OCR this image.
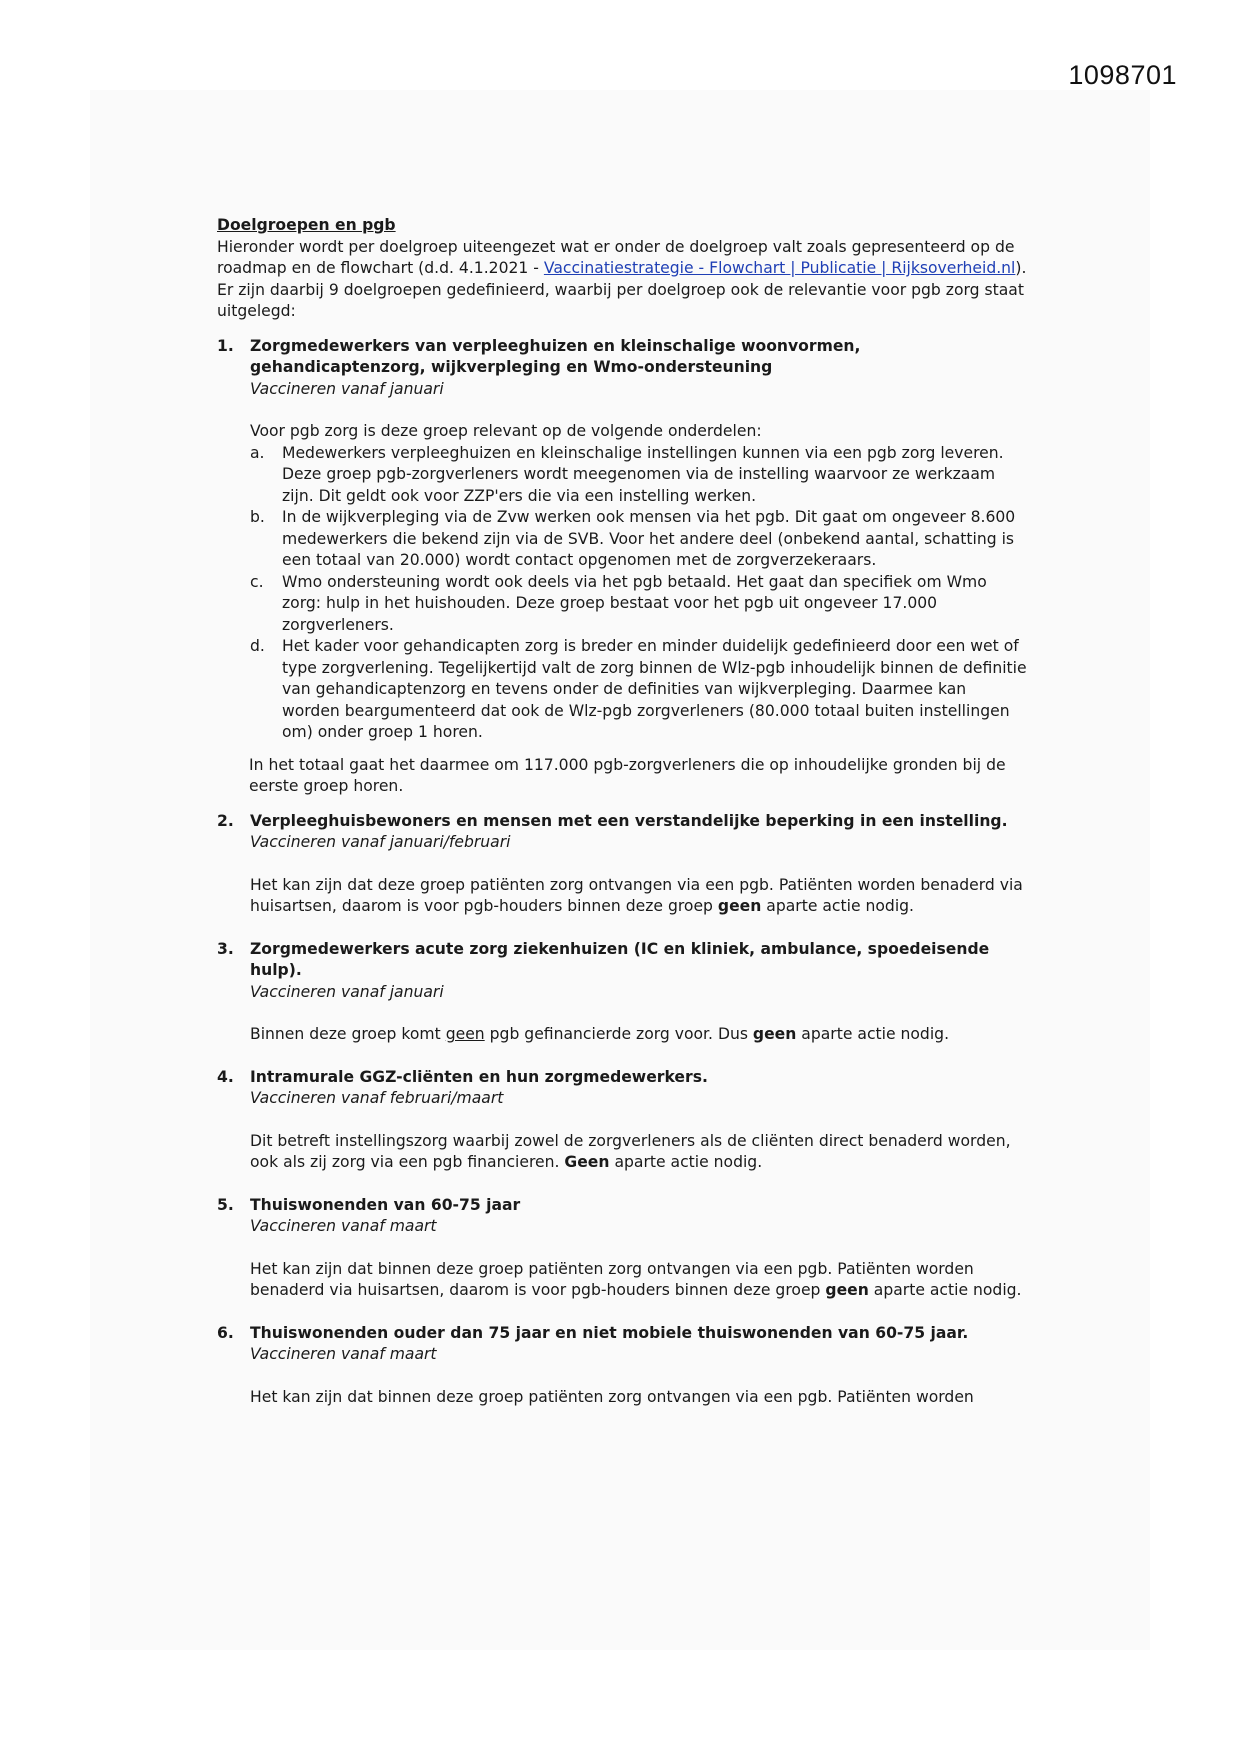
1098701

Doelgroepen en pgb

Hieronder wordt per doelgroep uiteengezet wat er onder de doelgroep valt zoals gepresenteerd op de roadmap en de flowchart (d.d. 4.1.2021 - Vaccinatiestrategie - Flowchart | Publicatie | Rijksoverheid.nl). Er zijn daarbij 9 doelgroepen gedefinieerd, waarbij per doelgroep ook de relevantie voor pgb zorg staat uitgelegd:

1. Zorgmedewerkers van verpleeghuizen en kleinschalige woonvormen, gehandicaptenzorg, wijkverpleging en Wmo-ondersteuning

Vaccineren vanaf januari

Voor pgb zorg is deze groep relevant op de volgende onderdelen:

a. Medewerkers verpleeghuizen en kleinschalige instellingen kunnen via een pgb zorg leveren. Deze groep pgb-zorgverleners wordt meegenomen via de instelling waarvoor ze werkzaam zijn. Dit geldt ook voor ZZP'ers die via een instelling werken.

b. In de wijkverpleging via de Zvw werken ook mensen via het pgb. Dit gaat om ongeveer 8.600 medewerkers die bekend zijn via de SVB. Voor het andere deel (onbekend aantal, schatting is een totaal van 20.000) wordt contact opgenomen met de zorgverzekeraars.

c. Wmo ondersteuning wordt ook deels via het pgb betaald. Het gaat dan specifiek om Wmo zorg: hulp in het huishouden. Deze groep bestaat voor het pgb uit ongeveer 17.000 zorgverleners.

d. Het kader voor gehandicapten zorg is breder en minder duidelijk gedefinieerd door een wet of type zorgverlening. Tegelijkertijd valt de zorg binnen de Wlz-pgb inhoudelijk binnen de definitie van gehandicaptenzorg en tevens onder de definities van wijkverpleging. Daarmee kan worden beargumenteerd dat ook de Wlz-pgb zorgverleners (80.000 totaal buiten instellingen om) onder groep 1 horen.

In het totaal gaat het daarmee om 117.000 pgb-zorgverleners die op inhoudelijke gronden bij de eerste groep horen.

2. Verpleeghuisbewoners en mensen met een verstandelijke beperking in een instelling.

Vaccineren vanaf januari/februari

Het kan zijn dat deze groep patiënten zorg ontvangen via een pgb. Patiënten worden benaderd via huisartsen, daarom is voor pgb-houders binnen deze groep geen aparte actie nodig.

3. Zorgmedewerkers acute zorg ziekenhuizen (IC en kliniek, ambulance, spoedeisende hulp).

Vaccineren vanaf januari

Binnen deze groep komt geen pgb gefinancierde zorg voor. Dus geen aparte actie nodig.

4. Intramurale GGZ-cliënten en hun zorgmedewerkers.

Vaccineren vanaf februari/maart

Dit betreft instellingszorg waarbij zowel de zorgverleners als de cliënten direct benaderd worden, ook als zij zorg via een pgb financieren. Geen aparte actie nodig.

5. Thuiswonenden van 60-75 jaar

Vaccineren vanaf maart

Het kan zijn dat binnen deze groep patiënten zorg ontvangen via een pgb. Patiënten worden benaderd via huisartsen, daarom is voor pgb-houders binnen deze groep geen aparte actie nodig.

6. Thuiswonenden ouder dan 75 jaar en niet mobiele thuiswonenden van 60-75 jaar.

Vaccineren vanaf maart

Het kan zijn dat binnen deze groep patiënten zorg ontvangen via een pgb. Patiënten worden
